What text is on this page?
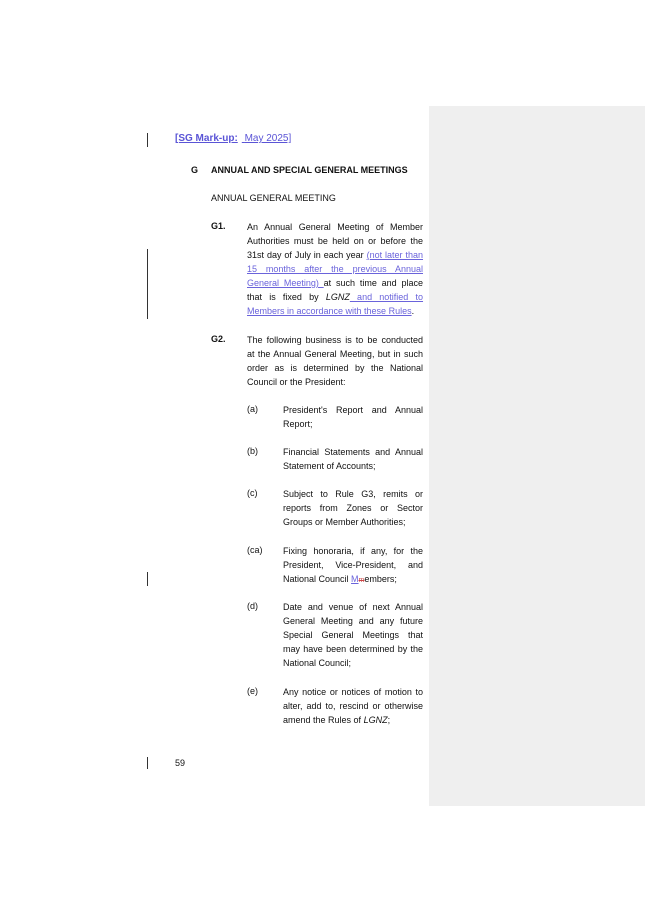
[SG Mark-up: May 2025]
G ANNUAL AND SPECIAL GENERAL MEETINGS
ANNUAL GENERAL MEETING
G1. An Annual General Meeting of Member Authorities must be held on or before the 31st day of July in each year (not later than 15 months after the previous Annual General Meeting) at such time and place that is fixed by LGNZ and notified to Members in accordance with these Rules.
G2. The following business is to be conducted at the Annual General Meeting, but in such order as is determined by the National Council or the President:
(a)	President's Report and Annual Report;
(b)	Financial Statements and Annual Statement of Accounts;
(c)	Subject to Rule G3, remits or reports from Zones or Sector Groups or Member Authorities;
(ca) Fixing honoraria, if any, for the President, Vice-President, and National Council Mmembers;
(d)	Date and venue of next Annual General Meeting and any future Special General Meetings that may have been determined by the National Council;
(e)	Any notice or notices of motion to alter, add to, rescind or otherwise amend the Rules of LGNZ;
59
